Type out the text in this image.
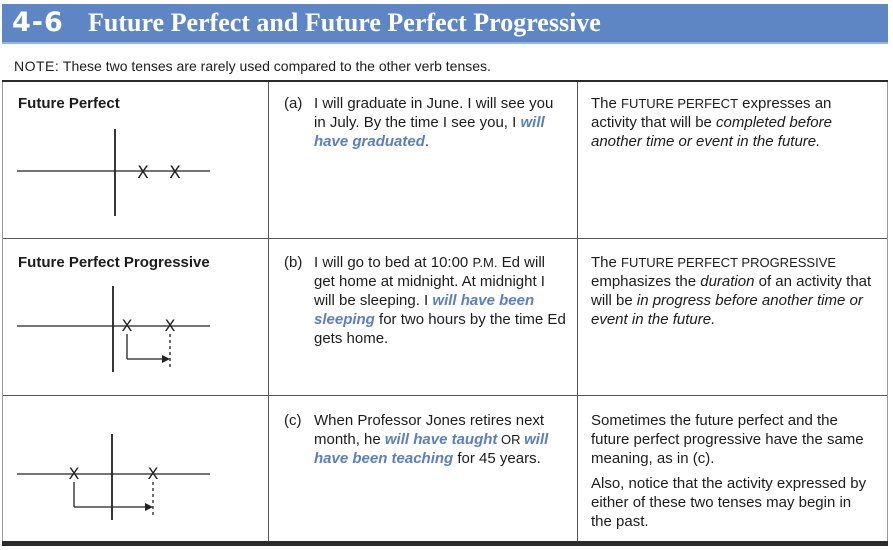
4-6 Future Perfect and Future Perfect Progressive
NOTE: These two tenses are rarely used compared to the other verb tenses.
Future Perfect
X X
(a) I will graduate in June. I will see you in July. By the time I see you, I will have graduated.
The FUTURE PERFECT expresses an activity that will be completed before another time or event in the future.
Future Perfect Progressive
X X
(b) I will go to bed at 10:00 P.M. Ed will get home at midnight. At midnight I will be sleeping. I will have been sleeping for two hours by the time Ed gets home.
The FUTURE PERFECT PROGRESSIVE emphasizes the duration of an activity that will be in progress before another time or event in the future.
X	X
(c) When Professor Jones retires next month, he will have taught OR will have been teaching for 45 years.
Sometimes the future perfect and the future perfect progressive have the same meaning, as in (c).
Also, notice that the activity expressed by either of these two tenses may begin in the past.
